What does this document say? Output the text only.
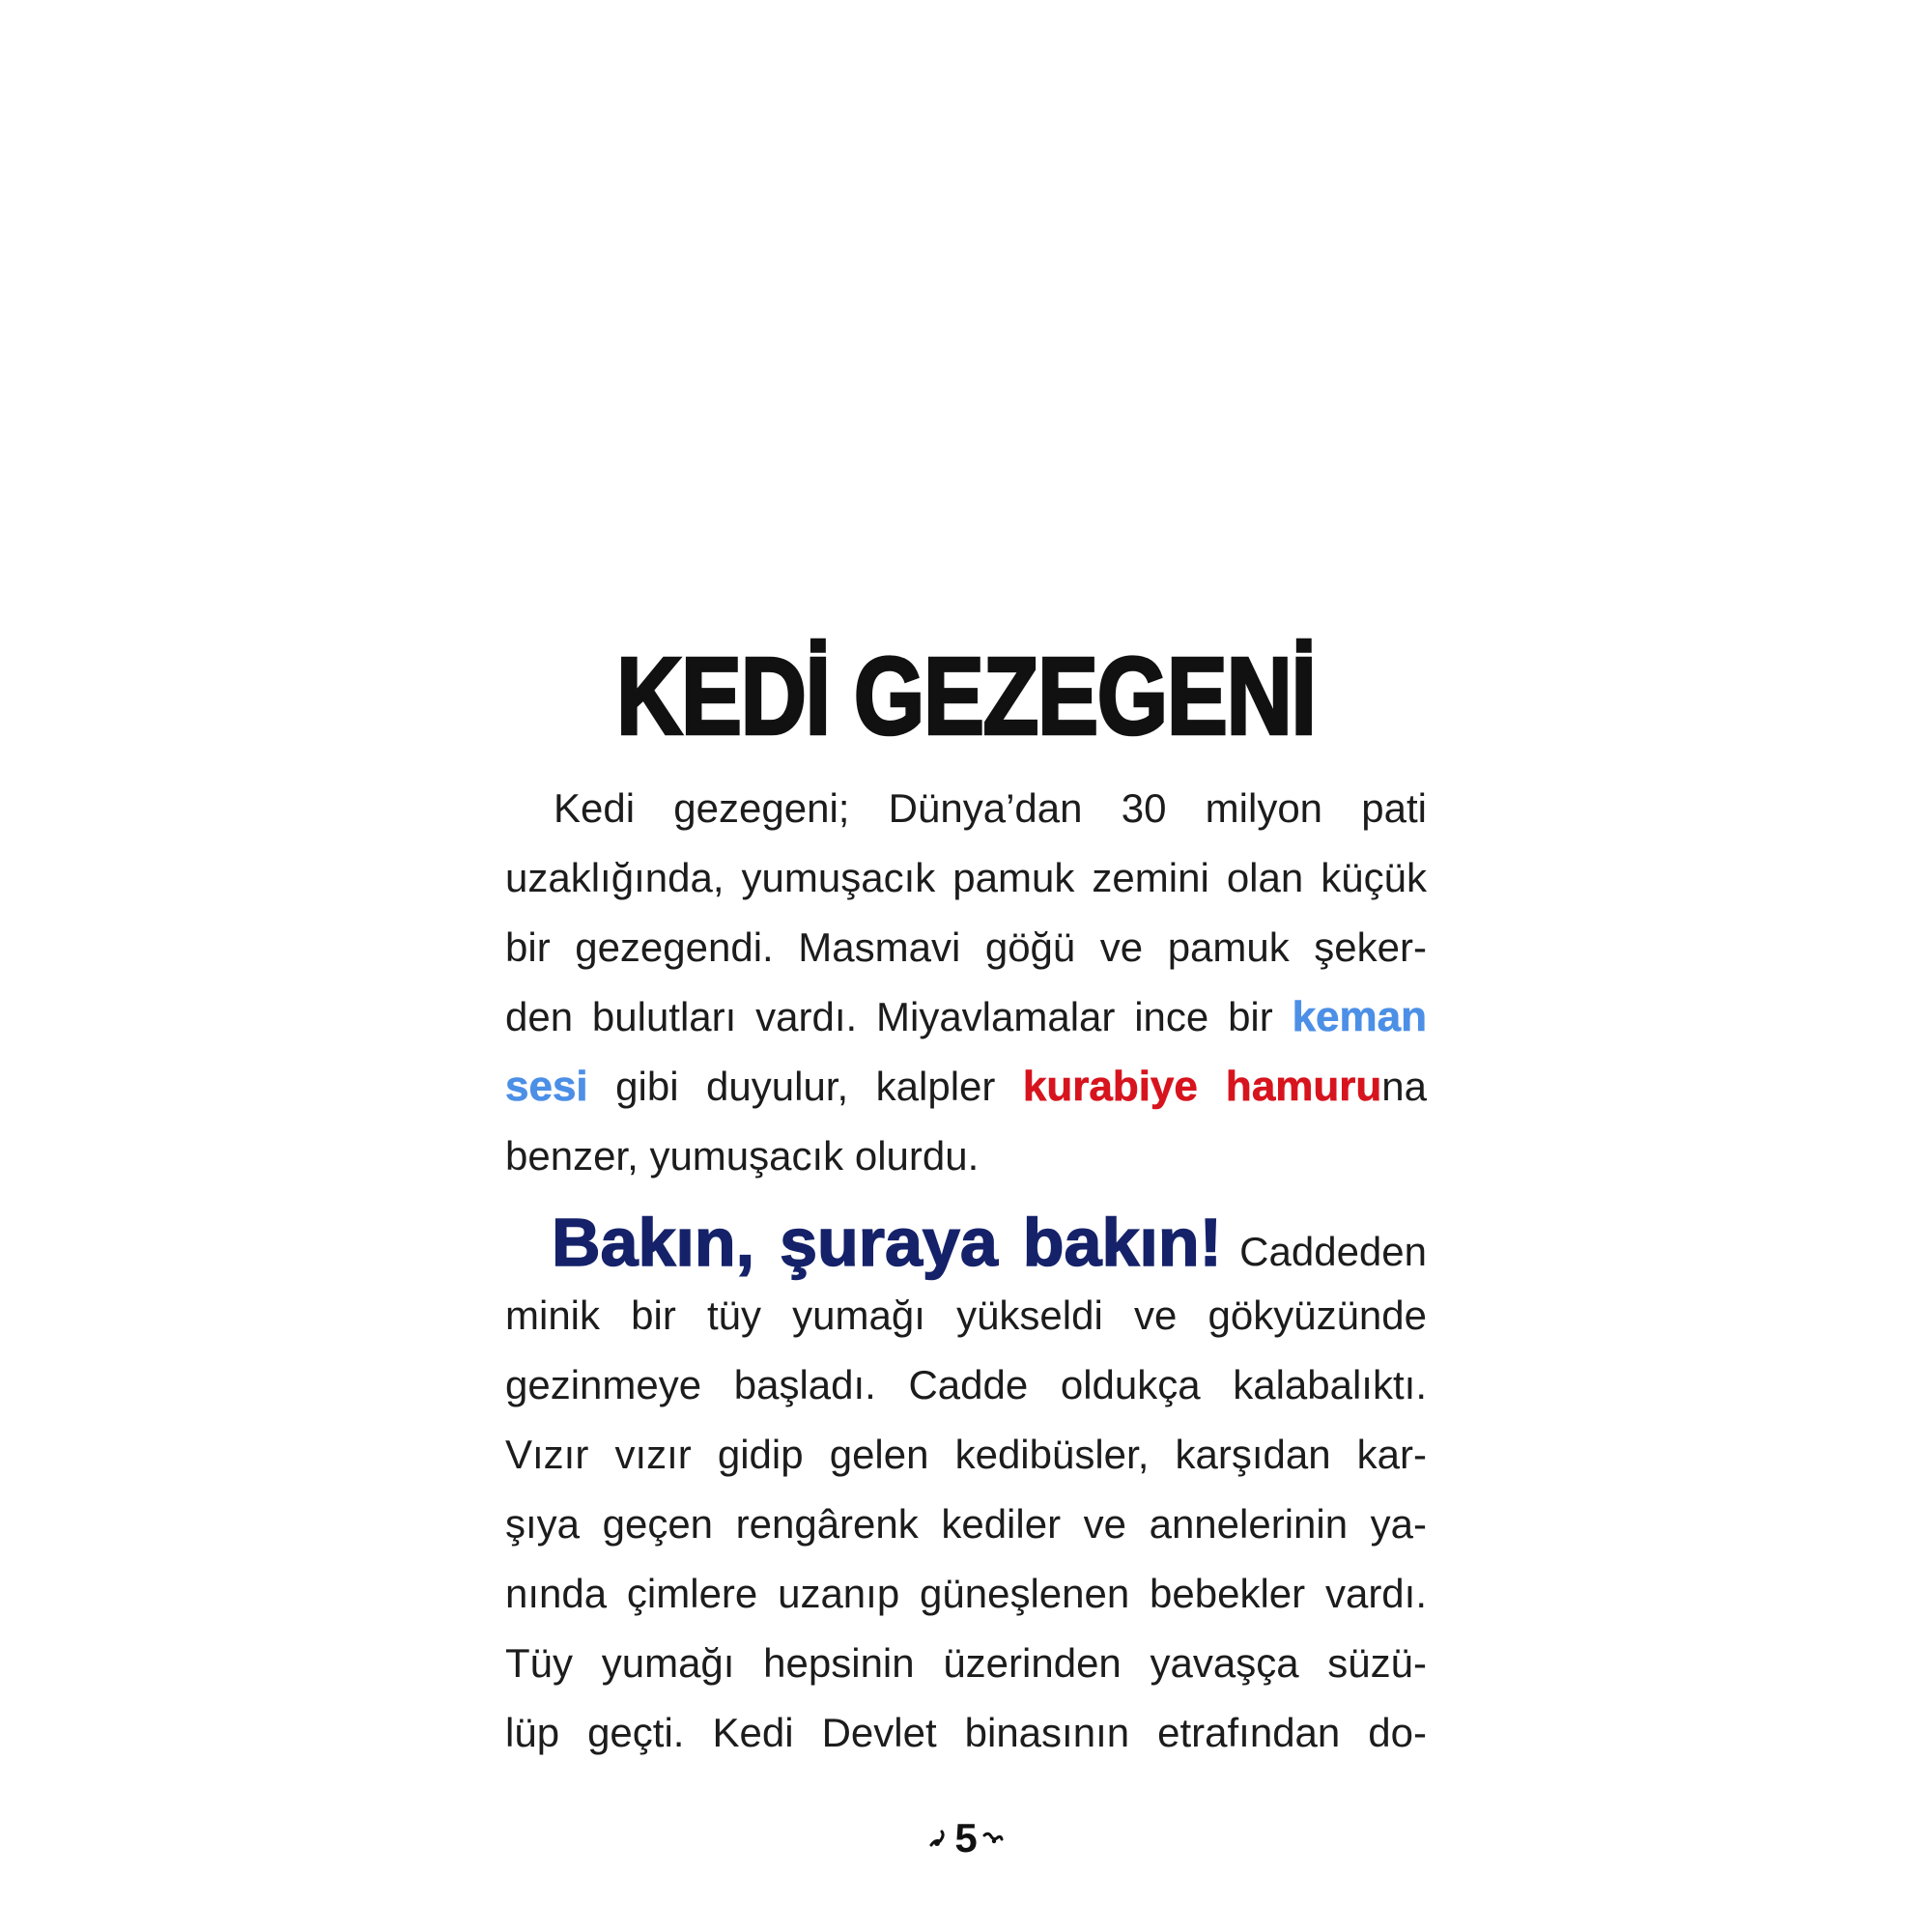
KEDİ GEZEGENİ
Kedi gezegeni; Dünya’dan 30 milyon pati
uzaklığında, yumuşacık pamuk zemini olan küçük
bir gezegendi. Masmavi göğü ve pamuk şeker-
den bulutları vardı. Miyavlamalar ince bir keman
sesi gibi duyulur, kalpler kurabiye hamuruna
benzer, yumuşacık olurdu.
Bakın, şuraya bakın! Caddeden
minik bir tüy yumağı yükseldi ve gökyüzünde
gezinmeye başladı. Cadde oldukça kalabalıktı.
Vızır vızır gidip gelen kedibüsler, karşıdan kar-
şıya geçen rengârenk kediler ve annelerinin ya-
nında çimlere uzanıp güneşlenen bebekler vardı.
Tüy yumağı hepsinin üzerinden yavaşça süzü-
lüp geçti. Kedi Devlet binasının etrafından do-
5
